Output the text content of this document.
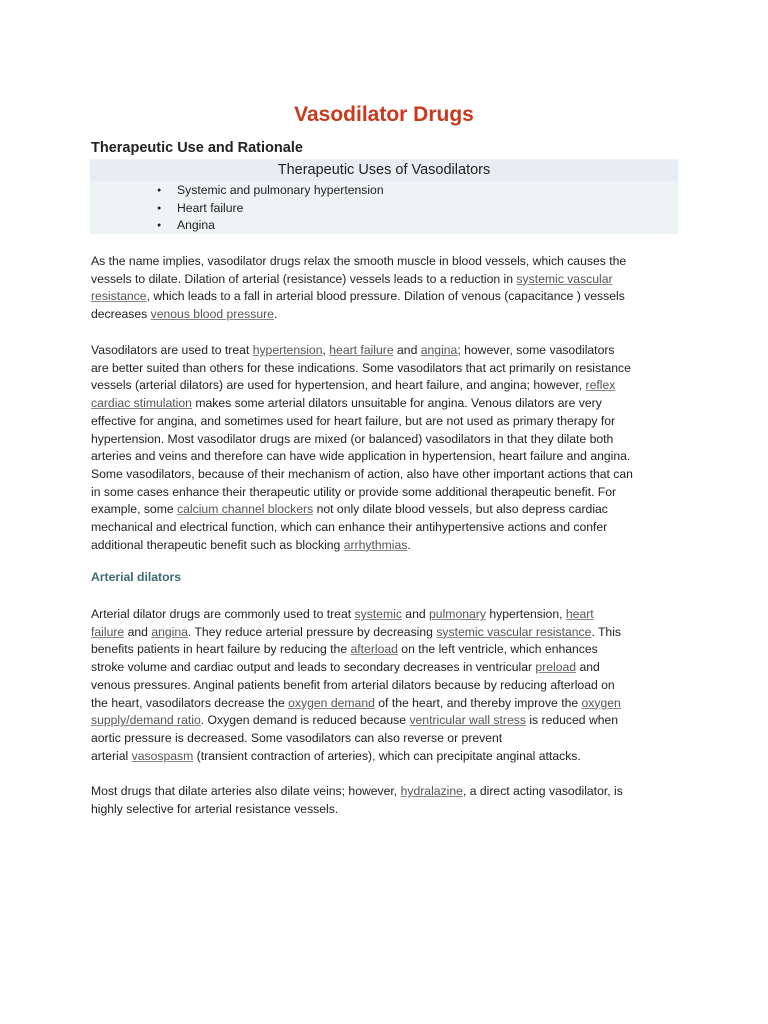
Vasodilator Drugs
Therapeutic Use and Rationale
Therapeutic Uses of Vasodilators
● Systemic and pulmonary hypertension
● Heart failure
● Angina
As the name implies, vasodilator drugs relax the smooth muscle in blood vessels, which causes the
vessels to dilate. Dilation of arterial (resistance) vessels leads to a reduction in systemic vascular
resistance, which leads to a fall in arterial blood pressure. Dilation of venous (capacitance ) vessels
decreases venous blood pressure.
Vasodilators are used to treat hypertension, heart failure and angina; however, some vasodilators
are better suited than others for these indications. Some vasodilators that act primarily on resistance
vessels (arterial dilators) are used for hypertension, and heart failure, and angina; however, reflex
cardiac stimulation makes some arterial dilators unsuitable for angina. Venous dilators are very
effective for angina, and sometimes used for heart failure, but are not used as primary therapy for
hypertension. Most vasodilator drugs are mixed (or balanced) vasodilators in that they dilate both
arteries and veins and therefore can have wide application in hypertension, heart failure and angina.
Some vasodilators, because of their mechanism of action, also have other important actions that can
in some cases enhance their therapeutic utility or provide some additional therapeutic benefit. For
example, some calcium channel blockers not only dilate blood vessels, but also depress cardiac
mechanical and electrical function, which can enhance their antihypertensive actions and confer
additional therapeutic benefit such as blocking arrhythmias.
Arterial dilators
Arterial dilator drugs are commonly used to treat systemic and pulmonary hypertension, heart
failure and angina. They reduce arterial pressure by decreasing systemic vascular resistance. This
benefits patients in heart failure by reducing the afterload on the left ventricle, which enhances
stroke volume and cardiac output and leads to secondary decreases in ventricular preload and
venous pressures. Anginal patients benefit from arterial dilators because by reducing afterload on
the heart, vasodilators decrease the oxygen demand of the heart, and thereby improve the oxygen
supply/demand ratio. Oxygen demand is reduced because ventricular wall stress is reduced when
aortic pressure is decreased. Some vasodilators can also reverse or prevent
arterial vasospasm (transient contraction of arteries), which can precipitate anginal attacks.
Most drugs that dilate arteries also dilate veins; however, hydralazine, a direct acting vasodilator, is
highly selective for arterial resistance vessels.
